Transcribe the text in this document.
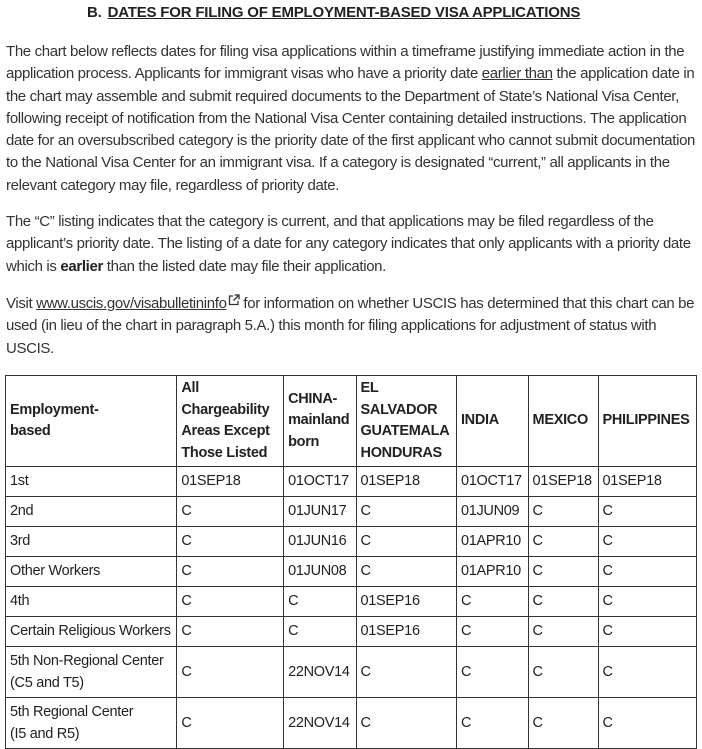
B. DATES FOR FILING OF EMPLOYMENT-BASED VISA APPLICATIONS

The chart below reflects dates for filing visa applications within a timeframe justifying immediate action in the application process. Applicants for immigrant visas who have a priority date earlier than the application date in the chart may assemble and submit required documents to the Department of State’s National Visa Center, following receipt of notification from the National Visa Center containing detailed instructions. The application date for an oversubscribed category is the priority date of the first applicant who cannot submit documentation to the National Visa Center for an immigrant visa. If a category is designated “current,” all applicants in the relevant category may file, regardless of priority date.

The “C” listing indicates that the category is current, and that applications may be filed regardless of the applicant’s priority date. The listing of a date for any category indicates that only applicants with a priority date which is earlier than the listed date may file their application.

Visit www.uscis.gov/visabulletininfo for information on whether USCIS has determined that this chart can be used (in lieu of the chart in paragraph 5.A.) this month for filing applications for adjustment of status with USCIS.

Employment-
based	All Chargeability
Areas Except
Those Listed	CHINA-
mainland
born	EL SALVADOR
GUATEMALA
HONDURAS	INDIA	MEXICO	PHILIPPINES
1st	01SEP18	01OCT17	01SEP18	01OCT17	01SEP18	01SEP18
2nd	C	01JUN17	C	01JUN09	C	C
3rd	C	01JUN16	C	01APR10	C	C
Other Workers	C	01JUN08	C	01APR10	C	C
4th	C	C	01SEP16	C	C	C
Certain Religious Workers	C	C	01SEP16	C	C	C
5th Non-Regional Center
(C5 and T5)	C	22NOV14	C	C	C	C
5th Regional Center
(I5 and R5)	C	22NOV14	C	C	C	C
